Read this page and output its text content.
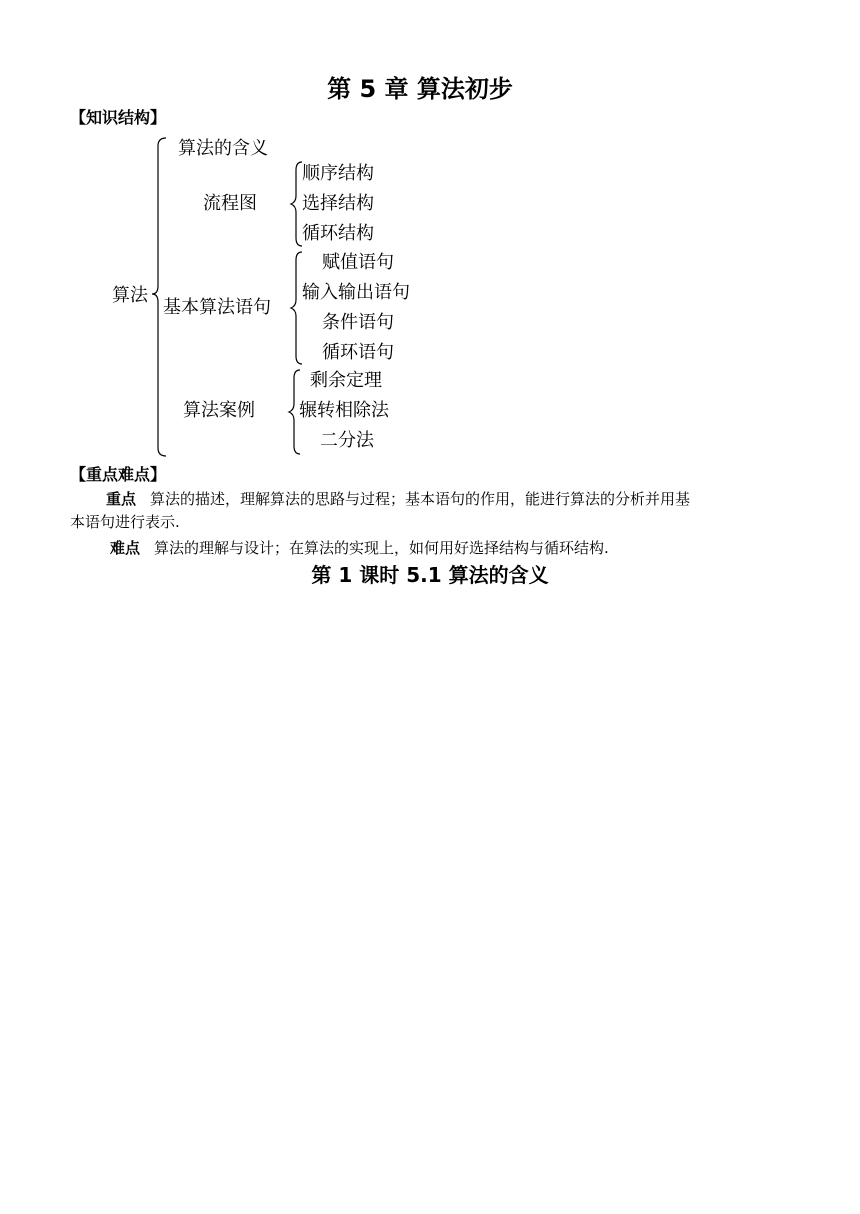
第 5 章 算法初步
【知识结构】
算法
算法的含义
流程图
基本算法语句
算法案例
顺序结构
选择结构
循环结构
赋值语句
输入输出语句
条件语句
循环语句
剩余定理
辗转相除法
二分法
【重点难点】
重点 算法的描述，理解算法的思路与过程；基本语句的作用，能进行算法的分析并用基
本语句进行表示.
难点 算法的理解与设计；在算法的实现上，如何用好选择结构与循环结构.
第 1 课时 5.1 算法的含义
